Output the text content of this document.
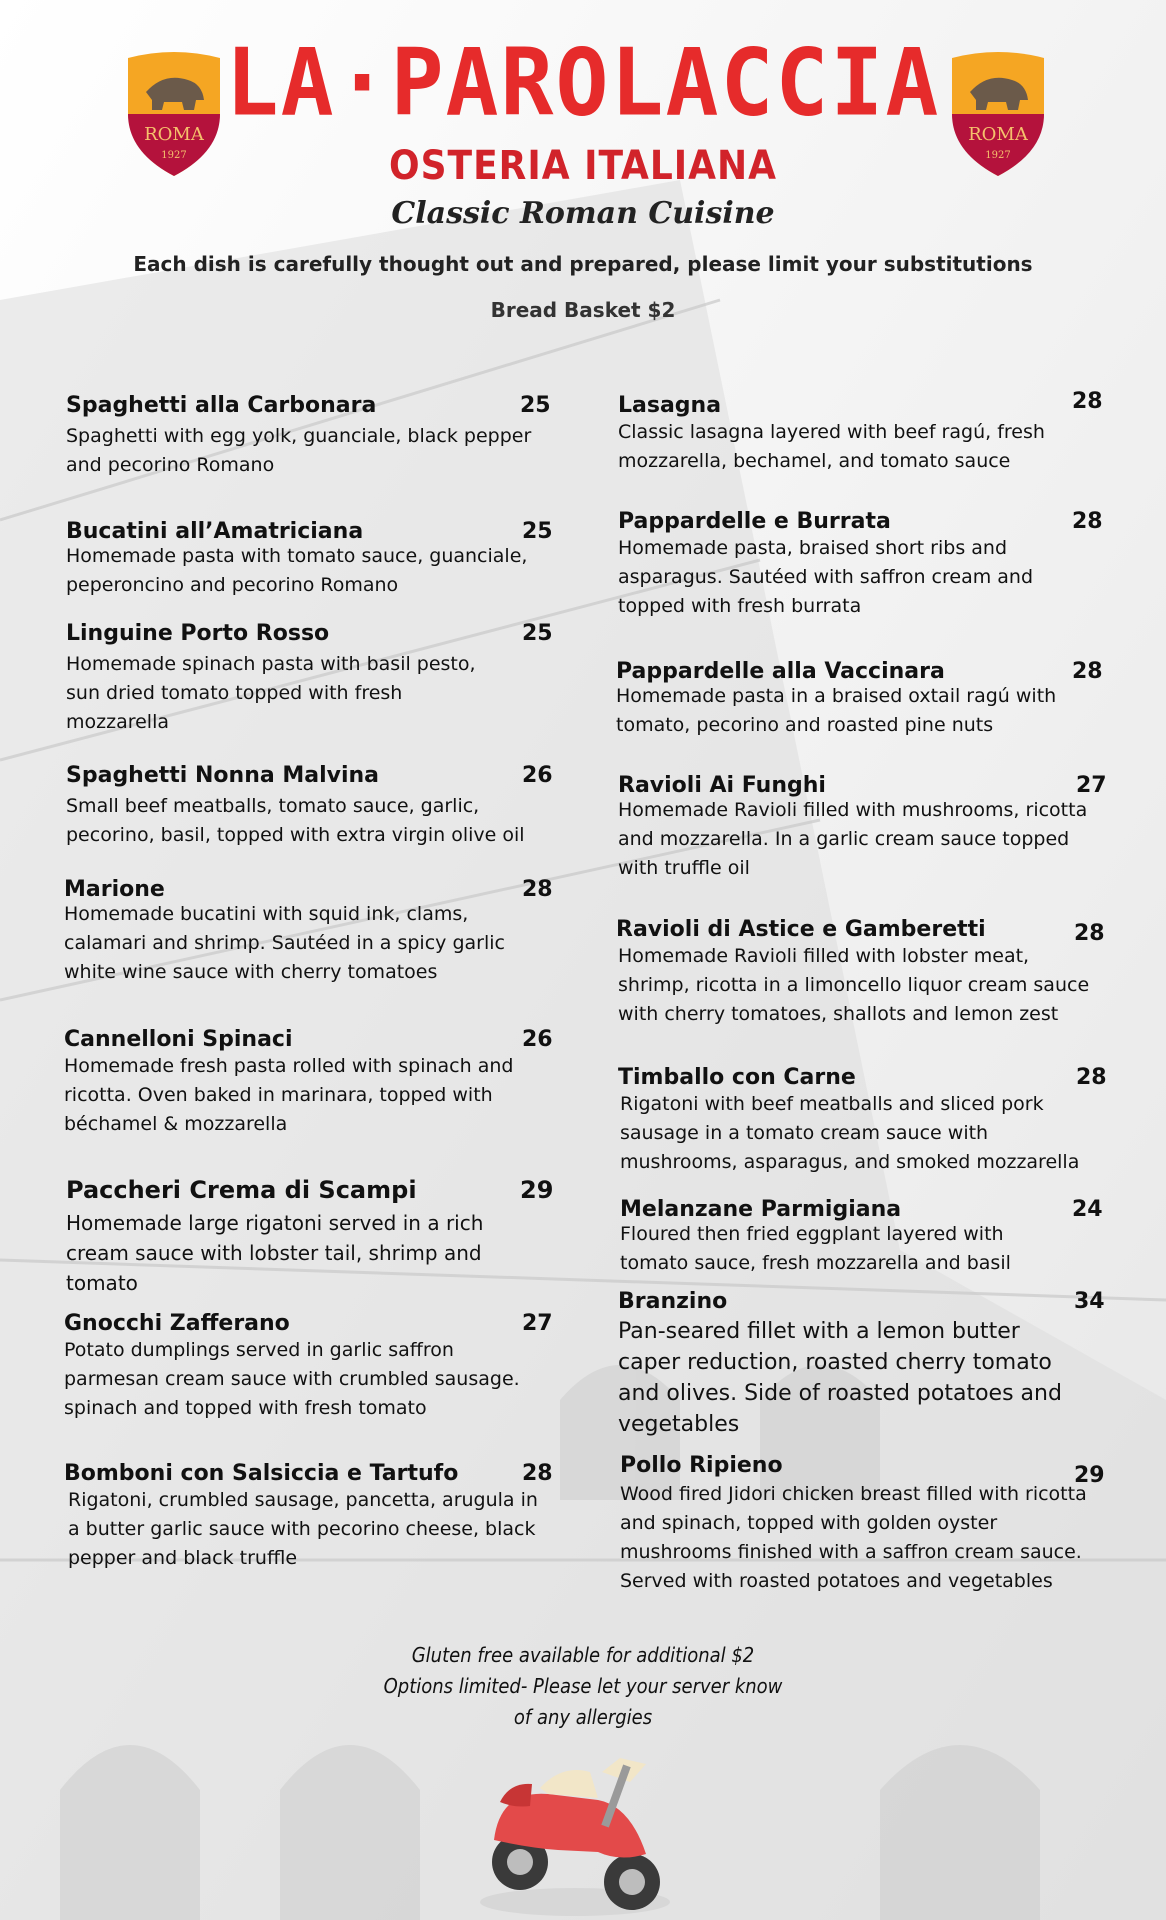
ROMA
1927
ROMA
1927
LA·PAROLACCIA
OSTERIA ITALIANA
Classic Roman Cuisine
Each dish is carefully thought out and prepared, please limit your substitutions
Bread Basket $2
Spaghetti alla Carbonara	25
Spaghetti with egg yolk, guanciale, black pepper and pecorino Romano
Bucatini all’Amatriciana	25
Homemade pasta with tomato sauce, guanciale, peperoncino and pecorino Romano
Linguine Porto Rosso	25
Homemade spinach pasta with basil pesto, sun dried tomato topped with fresh mozzarella
Spaghetti Nonna Malvina	26
Small beef meatballs, tomato sauce, garlic, pecorino, basil, topped with extra virgin olive oil
Marione	28
Homemade bucatini with squid ink, clams, calamari and shrimp. Sautéed in a spicy garlic white wine sauce with cherry tomatoes
Cannelloni Spinaci	26
Homemade fresh pasta rolled with spinach and ricotta. Oven baked in marinara, topped with béchamel & mozzarella
Paccheri Crema di Scampi	29
Homemade large rigatoni served in a rich cream sauce with lobster tail, shrimp and tomato
Gnocchi Zafferano	27
Potato dumplings served in garlic saffron parmesan cream sauce with crumbled sausage. spinach and topped with fresh tomato
Bomboni con Salsiccia e Tartufo	28
Rigatoni, crumbled sausage, pancetta, arugula in a butter garlic sauce with pecorino cheese, black pepper and black truffle
Lasagna	28
Classic lasagna layered with beef ragú, fresh mozzarella, bechamel, and tomato sauce
Pappardelle e Burrata	28
Homemade pasta, braised short ribs and asparagus. Sautéed with saffron cream and topped with fresh burrata
Pappardelle alla Vaccinara	28
Homemade pasta in a braised oxtail ragú with tomato, pecorino and roasted pine nuts
Ravioli Ai Funghi	27
Homemade Ravioli filled with mushrooms, ricotta and mozzarella. In a garlic cream sauce topped with truffle oil
Ravioli di Astice e Gamberetti	28
Homemade Ravioli filled with lobster meat, shrimp, ricotta in a limoncello liquor cream sauce with cherry tomatoes, shallots and lemon zest
Timballo con Carne	28
Rigatoni with beef meatballs and sliced pork sausage in a tomato cream sauce with mushrooms, asparagus, and smoked mozzarella
Melanzane Parmigiana	24
Floured then fried eggplant layered with tomato sauce, fresh mozzarella and basil
Branzino	34
Pan-seared fillet with a lemon butter caper reduction, roasted cherry tomato and olives. Side of roasted potatoes and vegetables
Pollo Ripieno	29
Wood fired Jidori chicken breast filled with ricotta and spinach, topped with golden oyster mushrooms finished with a saffron cream sauce. Served with roasted potatoes and vegetables
Gluten free available for additional $2
Options limited- Please let your server know
of any allergies
